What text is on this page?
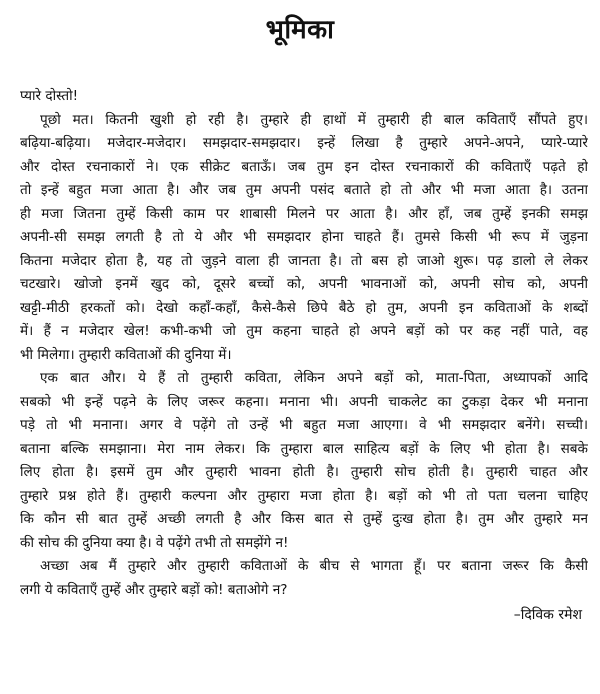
भूमिका
प्यारे दोस्तो!
पूछो मत। कितनी खुशी हो रही है। तुम्हारे ही हाथों में तुम्हारी ही बाल कविताएँ सौंपते हुए।
बढ़िया-बढ़िया। मजेदार-मजेदार। समझदार-समझदार। इन्हें लिखा है तुम्हारे अपने-अपने, प्यारे-प्यारे
और दोस्त रचनाकारों ने। एक सीक्रेट बताऊँ। जब तुम इन दोस्त रचनाकारों की कविताएँ पढ़ते हो
तो इन्हें बहुत मजा आता है। और जब तुम अपनी पसंद बताते हो तो और भी मजा आता है। उतना
ही मजा जितना तुम्हें किसी काम पर शाबासी मिलने पर आता है। और हाँ, जब तुम्हें इनकी समझ
अपनी-सी समझ लगती है तो ये और भी समझदार होना चाहते हैं। तुमसे किसी भी रूप में जुड़ना
कितना मजेदार होता है, यह तो जुड़ने वाला ही जानता है। तो बस हो जाओ शुरू। पढ़ डालो ले लेकर
चटखारे। खोजो इनमें खुद को, दूसरे बच्चों को, अपनी भावनाओं को, अपनी सोच को, अपनी
खट्टी-मीठी हरकतों को। देखो कहाँ-कहाँ, कैसे-कैसे छिपे बैठे हो तुम, अपनी इन कविताओं के शब्दों
में। हैं न मजेदार खेल! कभी-कभी जो तुम कहना चाहते हो अपने बड़ों को पर कह नहीं पाते, वह
भी मिलेगा। तुम्हारी कविताओं की दुनिया में।
एक बात और। ये हैं तो तुम्हारी कविता, लेकिन अपने बड़ों को, माता-पिता, अध्यापकों आदि
सबको भी इन्हें पढ़ने के लिए जरूर कहना। मनाना भी। अपनी चाकलेट का टुकड़ा देकर भी मनाना
पड़े तो भी मनाना। अगर वे पढ़ेंगे तो उन्हें भी बहुत मजा आएगा। वे भी समझदार बनेंगे। सच्ची।
बताना बल्कि समझाना। मेरा नाम लेकर। कि तुम्हारा बाल साहित्य बड़ों के लिए भी होता है। सबके
लिए होता है। इसमें तुम और तुम्हारी भावना होती है। तुम्हारी सोच होती है। तुम्हारी चाहत और
तुम्हारे प्रश्न होते हैं। तुम्हारी कल्पना और तुम्हारा मजा होता है। बड़ों को भी तो पता चलना चाहिए
कि कौन सी बात तुम्हें अच्छी लगती है और किस बात से तुम्हें दुःख होता है। तुम और तुम्हारे मन
की सोच की दुनिया क्या है। वे पढ़ेंगे तभी तो समझेंगे न!
अच्छा अब मैं तुम्हारे और तुम्हारी कविताओं के बीच से भागता हूँ। पर बताना जरूर कि कैसी
लगी ये कविताएँ तुम्हें और तुम्हारे बड़ों को! बताओगे न?
–दिविक रमेश
